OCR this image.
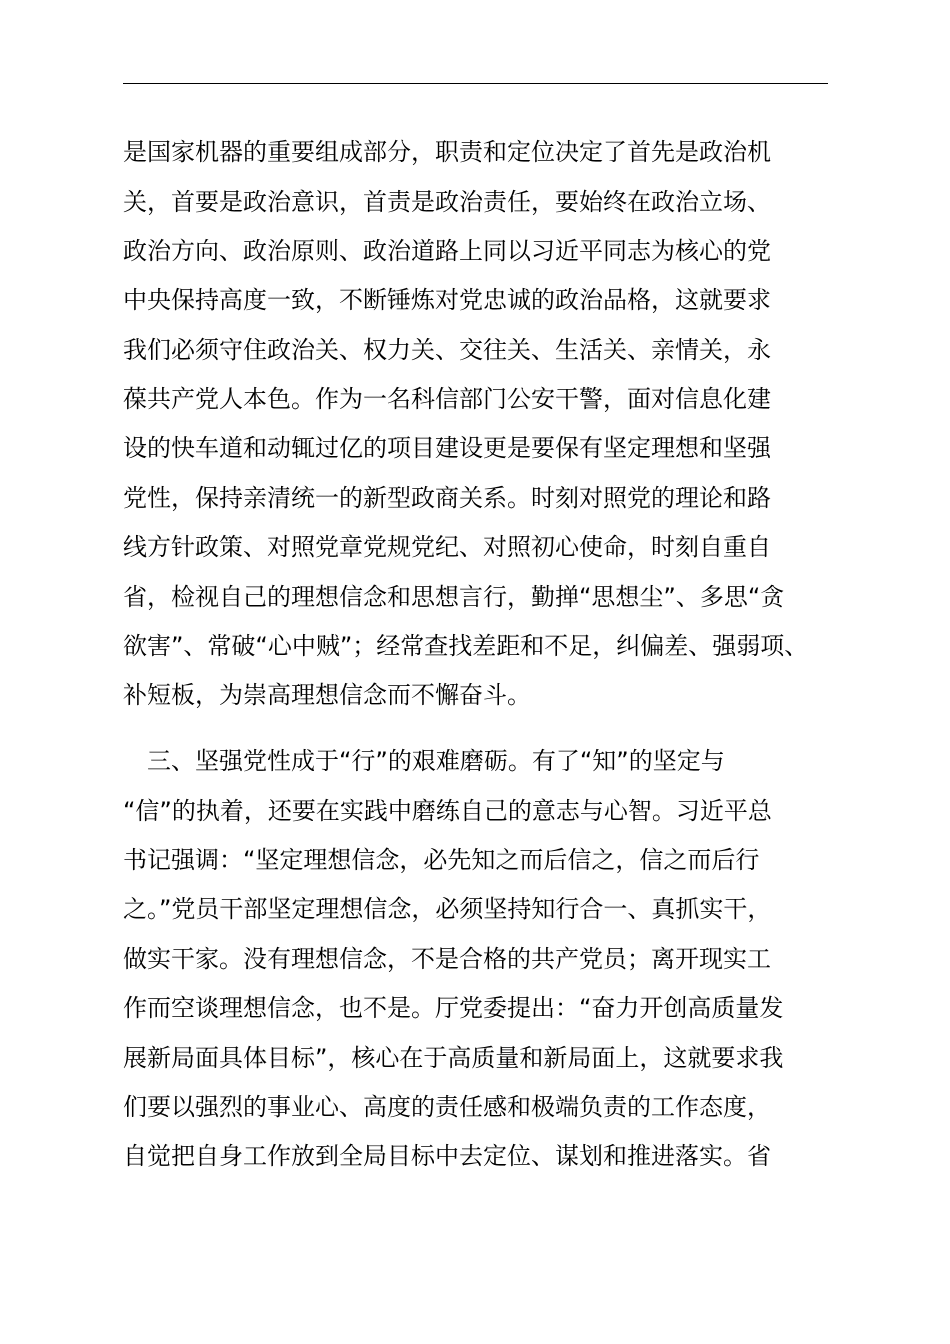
是国家机器的重要组成部分，职责和定位决定了首先是政治机
关，首要是政治意识，首责是政治责任，要始终在政治立场、
政治方向、政治原则、政治道路上同以习近平同志为核心的党
中央保持高度一致，不断锤炼对党忠诚的政治品格，这就要求
我们必须守住政治关、权力关、交往关、生活关、亲情关，永
葆共产党人本色。作为一名科信部门公安干警，面对信息化建
设的快车道和动辄过亿的项目建设更是要保有坚定理想和坚强
党性，保持亲清统一的新型政商关系。时刻对照党的理论和路
线方针政策、对照党章党规党纪、对照初心使命，时刻自重自
省，检视自己的理想信念和思想言行，勤掸“思想尘”、多思“贪
欲害”、常破“心中贼”；经常查找差距和不足，纠偏差、强弱项、
补短板，为崇高理想信念而不懈奋斗。
　三、坚强党性成于“行”的艰难磨砺。有了“知”的坚定与
“信”的执着，还要在实践中磨练自己的意志与心智。习近平总
书记强调：“坚定理想信念，必先知之而后信之，信之而后行
之。”党员干部坚定理想信念，必须坚持知行合一、真抓实干，
做实干家。没有理想信念，不是合格的共产党员；离开现实工
作而空谈理想信念，也不是。厅党委提出：“奋力开创高质量发
展新局面具体目标”，核心在于高质量和新局面上，这就要求我
们要以强烈的事业心、高度的责任感和极端负责的工作态度，
自觉把自身工作放到全局目标中去定位、谋划和推进落实。省
